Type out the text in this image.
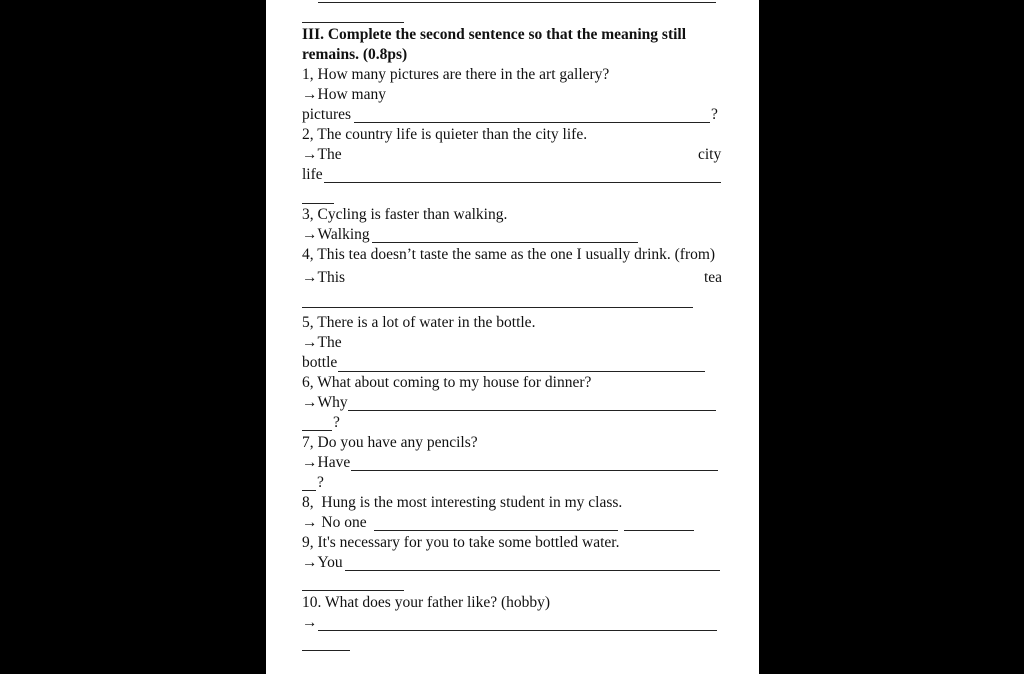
III. Complete the second sentence so that the meaning still
remains. (0.8ps)
1, How many pictures are there in the art gallery?
→How many
pictures	?
2, The country life is quieter than the city life.
→The	city
life
3, Cycling is faster than walking.
→Walking
4, This tea doesn’t taste the same as the one I usually drink. (from)
→This	tea
5, There is a lot of water in the bottle.
→The
bottle
6, What about coming to my house for dinner?
→Why
?
7, Do you have any pencils?
→Have
?
8,  Hung is the most interesting student in my class.
→ No one
9, It's necessary for you to take some bottled water.
→You
10. What does your father like? (hobby)
→
